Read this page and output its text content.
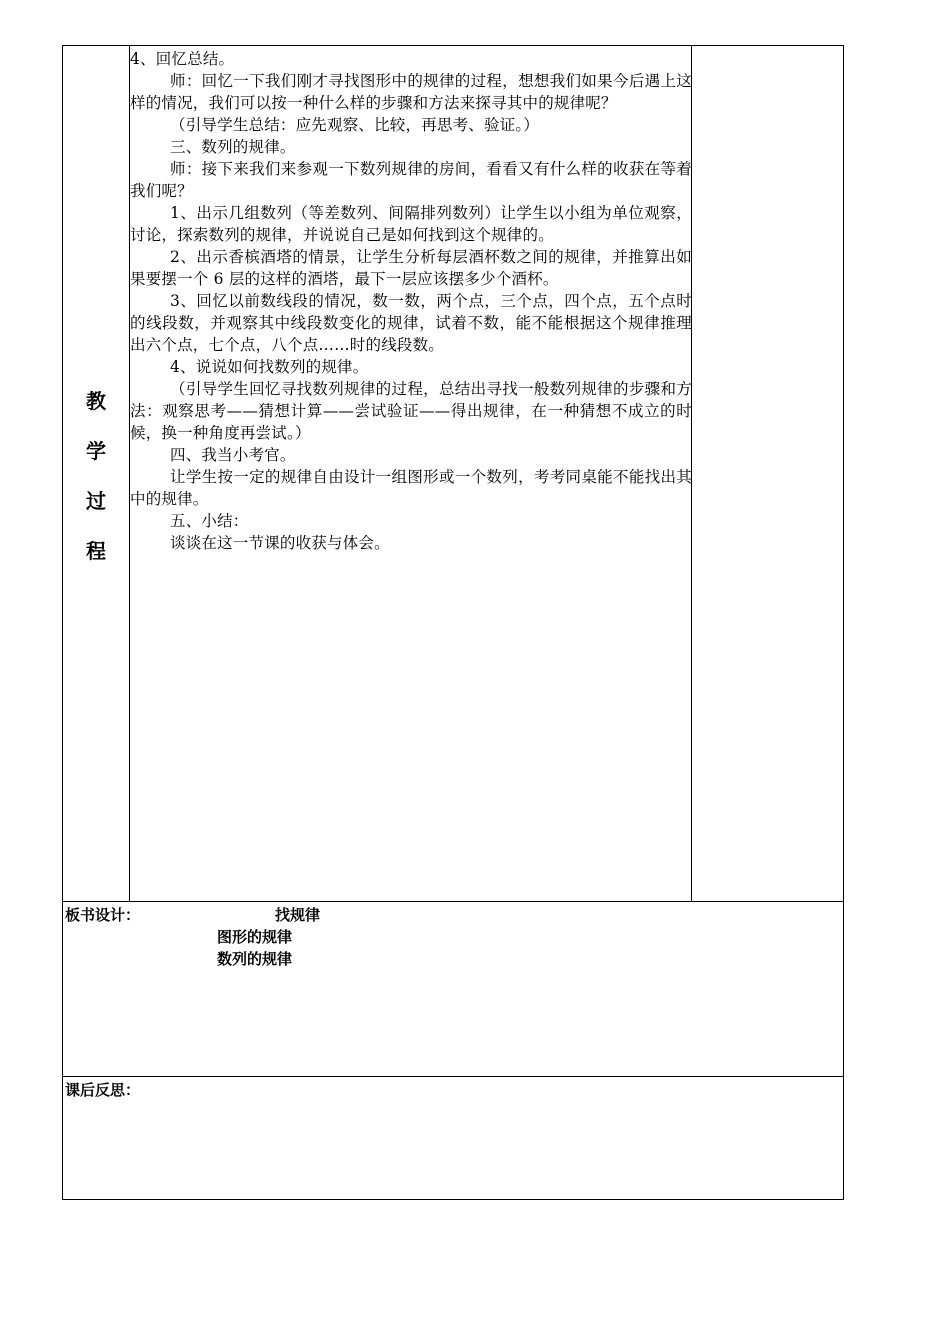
教
学
过
程

4、回忆总结。

师：回忆一下我们刚才寻找图形中的规律的过程，想想我们如果今后遇上这样的情况，我们可以按一种什么样的步骤和方法来探寻其中的规律呢？

（引导学生总结：应先观察、比较，再思考、验证。）

三、数列的规律。

师：接下来我们来参观一下数列规律的房间，看看又有什么样的收获在等着我们呢？

1、出示几组数列（等差数列、间隔排列数列）让学生以小组为单位观察，讨论，探索数列的规律，并说说自己是如何找到这个规律的。

2、出示香槟酒塔的情景，让学生分析每层酒杯数之间的规律，并推算出如果要摆一个 6 层的这样的酒塔，最下一层应该摆多少个酒杯。

3、回忆以前数线段的情况，数一数，两个点，三个点，四个点，五个点时的线段数，并观察其中线段数变化的规律，试着不数，能不能根据这个规律推理出六个点，七个点，八个点……时的线段数。

4、说说如何找数列的规律。

（引导学生回忆寻找数列规律的过程，总结出寻找一般数列规律的步骤和方法：观察思考——猜想计算——尝试验证——得出规律，在一种猜想不成立的时候，换一种角度再尝试。）

四、我当小考官。

让学生按一定的规律自由设计一组图形或一个数列，考考同桌能不能找出其中的规律。

五、小结：

谈谈在这一节课的收获与体会。

板书设计：	找规律
图形的规律
数列的规律
课后反思：
